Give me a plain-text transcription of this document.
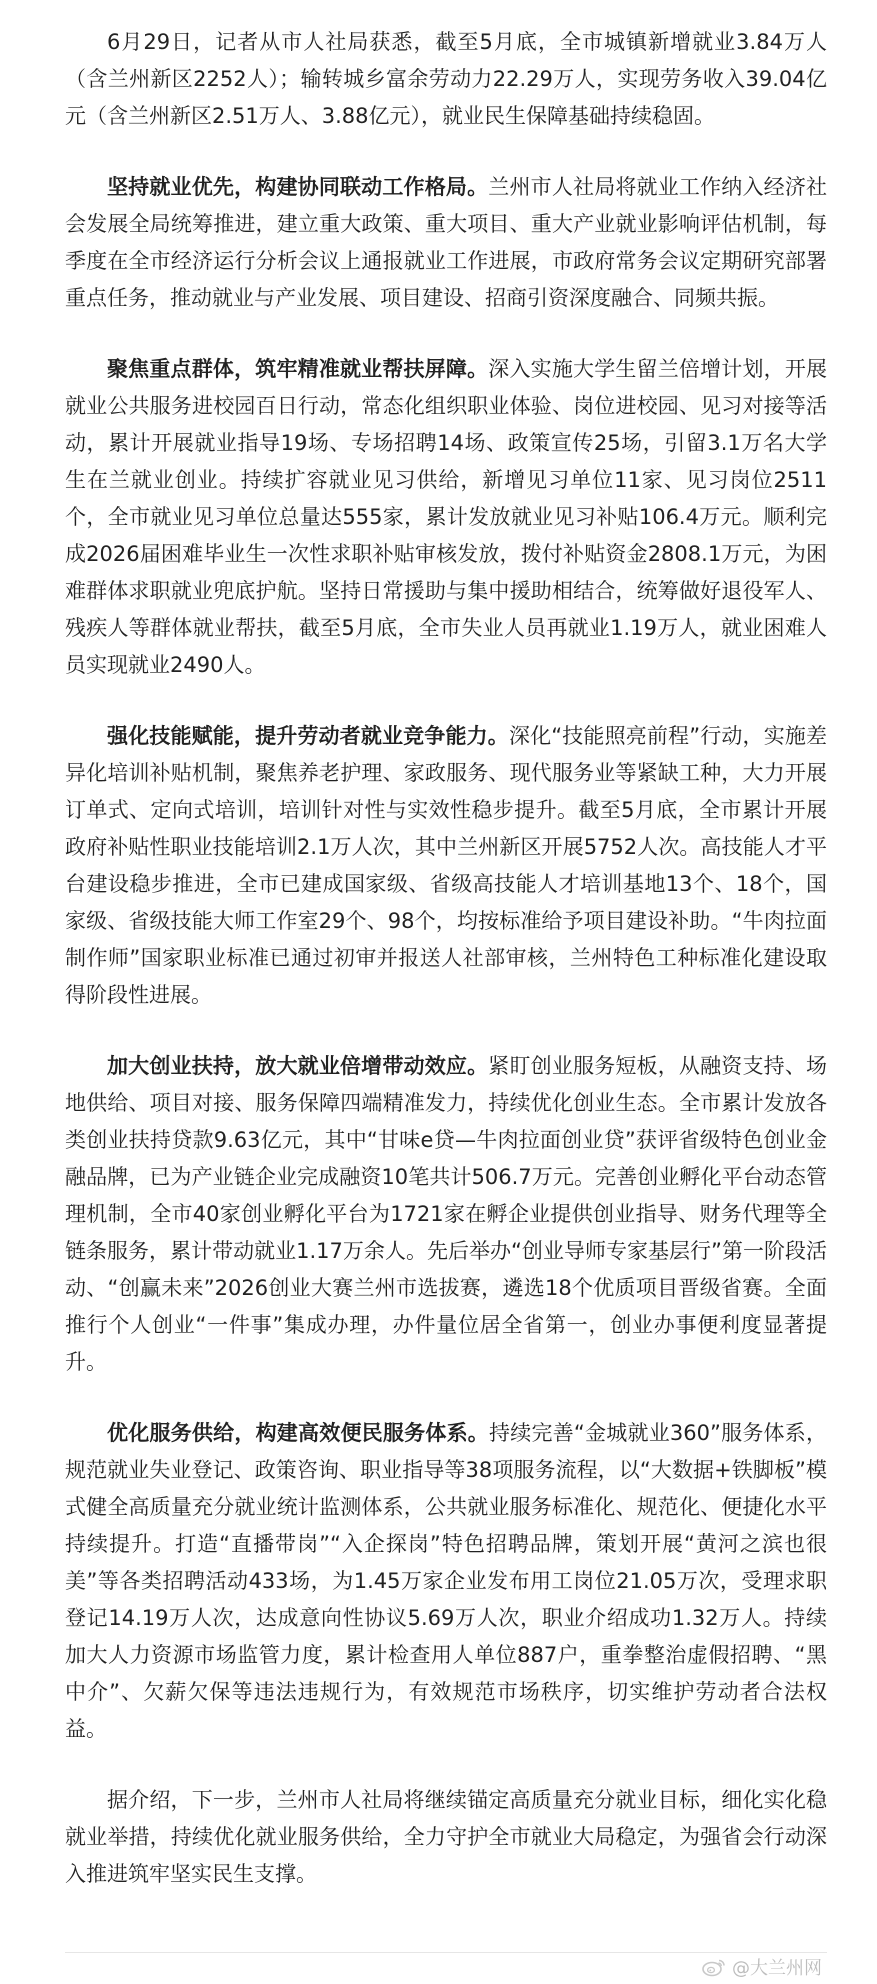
6月29日，记者从市人社局获悉，截至5月底，全市城镇新增就业3.84万人（含兰州新区2252人）；输转城乡富余劳动力22.29万人，实现劳务收入39.04亿元（含兰州新区2.51万人、3.88亿元），就业民生保障基础持续稳固。

坚持就业优先，构建协同联动工作格局。兰州市人社局将就业工作纳入经济社会发展全局统筹推进，建立重大政策、重大项目、重大产业就业影响评估机制，每季度在全市经济运行分析会议上通报就业工作进展，市政府常务会议定期研究部署重点任务，推动就业与产业发展、项目建设、招商引资深度融合、同频共振。

聚焦重点群体，筑牢精准就业帮扶屏障。深入实施大学生留兰倍增计划，开展就业公共服务进校园百日行动，常态化组织职业体验、岗位进校园、见习对接等活动，累计开展就业指导19场、专场招聘14场、政策宣传25场，引留3.1万名大学生在兰就业创业。持续扩容就业见习供给，新增见习单位11家、见习岗位2511个，全市就业见习单位总量达555家，累计发放就业见习补贴106.4万元。顺利完成2026届困难毕业生一次性求职补贴审核发放，拨付补贴资金2808.1万元，为困难群体求职就业兜底护航。坚持日常援助与集中援助相结合，统筹做好退役军人、残疾人等群体就业帮扶，截至5月底，全市失业人员再就业1.19万人，就业困难人员实现就业2490人。

强化技能赋能，提升劳动者就业竞争能力。深化“技能照亮前程”行动，实施差异化培训补贴机制，聚焦养老护理、家政服务、现代服务业等紧缺工种，大力开展订单式、定向式培训，培训针对性与实效性稳步提升。截至5月底，全市累计开展政府补贴性职业技能培训2.1万人次，其中兰州新区开展5752人次。高技能人才平台建设稳步推进，全市已建成国家级、省级高技能人才培训基地13个、18个，国家级、省级技能大师工作室29个、98个，均按标准给予项目建设补助。“牛肉拉面制作师”国家职业标准已通过初审并报送人社部审核，兰州特色工种标准化建设取得阶段性进展。

加大创业扶持，放大就业倍增带动效应。紧盯创业服务短板，从融资支持、场地供给、项目对接、服务保障四端精准发力，持续优化创业生态。全市累计发放各类创业扶持贷款9.63亿元，其中“甘味e贷—牛肉拉面创业贷”获评省级特色创业金融品牌，已为产业链企业完成融资10笔共计506.7万元。完善创业孵化平台动态管理机制，全市40家创业孵化平台为1721家在孵企业提供创业指导、财务代理等全链条服务，累计带动就业1.17万余人。先后举办“创业导师专家基层行”第一阶段活动、“创赢未来”2026创业大赛兰州市选拔赛，遴选18个优质项目晋级省赛。全面推行个人创业“一件事”集成办理，办件量位居全省第一，创业办事便利度显著提升。

优化服务供给，构建高效便民服务体系。持续完善“金城就业360”服务体系，规范就业失业登记、政策咨询、职业指导等38项服务流程，以“大数据+铁脚板”模式健全高质量充分就业统计监测体系，公共就业服务标准化、规范化、便捷化水平持续提升。打造“直播带岗”“入企探岗”特色招聘品牌，策划开展“黄河之滨也很美”等各类招聘活动433场，为1.45万家企业发布用工岗位21.05万次，受理求职登记14.19万人次，达成意向性协议5.69万人次，职业介绍成功1.32万人。持续加大人力资源市场监管力度，累计检查用人单位887户，重拳整治虚假招聘、“黑中介”、欠薪欠保等违法违规行为，有效规范市场秩序，切实维护劳动者合法权益。

据介绍，下一步，兰州市人社局将继续锚定高质量充分就业目标，细化实化稳就业举措，持续优化就业服务供给，全力守护全市就业大局稳定，为强省会行动深入推进筑牢坚实民生支撑。

@大兰州网
